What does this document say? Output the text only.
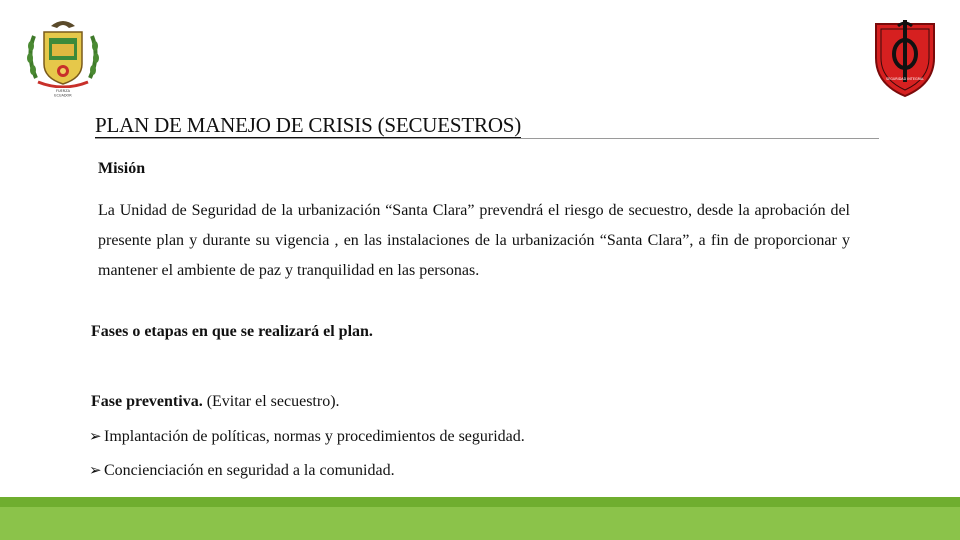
FUERZA
ECUADOR
SEGURIDAD INTEGRAL
PLAN DE MANEJO DE CRISIS (SECUESTROS)
Misión
La Unidad de Seguridad de la urbanización “Santa Clara” prevendrá el riesgo de secuestro, desde la aprobación del presente plan y durante su vigencia , en las instalaciones de la urbanización “Santa Clara”, a fin de proporcionar y mantener el ambiente de paz y tranquilidad en las personas.
Fases o etapas en que se realizará el plan.
Fase preventiva. (Evitar el secuestro).
➢ Implantación de políticas, normas y procedimientos de seguridad.
➢ Concienciación en seguridad a la comunidad.
